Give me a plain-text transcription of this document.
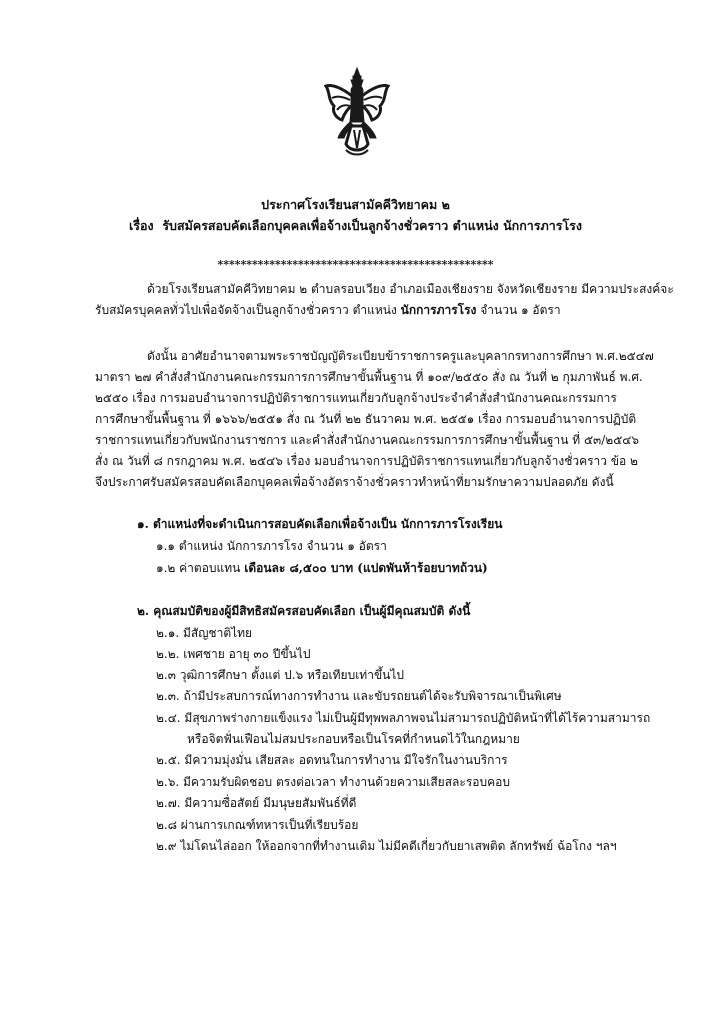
ประกาศโรงเรียนสามัคคีวิทยาคม ๒
เรื่อง รับสมัครสอบคัดเลือกบุคคลเพื่อจ้างเป็นลูกจ้างชั่วคราว ตำแหน่ง นักการภารโรง
************************************************
ด้วยโรงเรียนสามัคคีวิทยาคม ๒ ตำบลรอบเวียง อำเภอเมืองเชียงราย จังหวัดเชียงราย มีความประสงค์จะ
รับสมัครบุคคลทั่วไปเพื่อจัดจ้างเป็นลูกจ้างชั่วคราว ตำแหน่ง นักการภารโรง จำนวน ๑ อัตรา
ดังนั้น อาศัยอำนาจตามพระราชบัญญัติระเบียบข้าราชการครูและบุคลากรทางการศึกษา พ.ศ.๒๕๔๗
มาตรา ๒๗ คำสั่งสำนักงานคณะกรรมการการศึกษาขั้นพื้นฐาน ที่ ๑๐๙/๒๕๕๐ สั่ง ณ วันที่ ๒ กุมภาพันธ์ พ.ศ.
๒๕๕๐ เรื่อง การมอบอำนาจการปฏิบัติราชการแทนเกี่ยวกับลูกจ้างประจำคำสั่งสำนักงานคณะกรรมการ
การศึกษาขั้นพื้นฐาน ที่ ๑๖๖๖/๒๕๕๑ สั่ง ณ วันที่ ๒๒ ธันวาคม พ.ศ. ๒๕๕๑ เรื่อง การมอบอำนาจการปฏิบัติ
ราชการแทนเกี่ยวกับพนักงานราชการ และคำสั่งสำนักงานคณะกรรมการการศึกษาขั้นพื้นฐาน ที่ ๕๓/๒๕๔๖
สั่ง ณ วันที่ ๘ กรกฎาคม พ.ศ. ๒๕๔๖ เรื่อง มอบอำนาจการปฏิบัติราชการแทนเกี่ยวกับลูกจ้างชั่วคราว ข้อ ๒
จึงประกาศรับสมัครสอบคัดเลือกบุคคลเพื่อจ้างอัตราจ้างชั่วคราวทำหน้าที่ยามรักษาความปลอดภัย ดังนี้
๑. ตำแหน่งที่จะดำเนินการสอบคัดเลือกเพื่อจ้างเป็น นักการภารโรงเรียน
๑.๑ ตำแหน่ง นักการภารโรง จำนวน ๑ อัตรา
๑.๒ ค่าตอบแทน เดือนละ ๘,๕๐๐ บาท (แปดพันห้าร้อยบาทถ้วน)
๒. คุณสมบัติของผู้มีสิทธิสมัครสอบคัดเลือก เป็นผู้มีคุณสมบัติ ดังนี้
๒.๑. มีสัญชาติไทย
๒.๒. เพศชาย อายุ ๓๐ ปีขึ้นไป
๒.๓ วุฒิการศึกษา ตั้งแต่ ป.๖ หรือเทียบเท่าขึ้นไป
๒.๓. ถ้ามีประสบการณ์ทางการทำงาน และขับรถยนต์ได้จะรับพิจารณาเป็นพิเศษ
๒.๔. มีสุขภาพร่างกายแข็งแรง ไม่เป็นผู้มีทุพพลภาพจนไม่สามารถปฏิบัติหน้าที่ได้ไร้ความสามารถ
หรือจิตฟั่นเฟือนไม่สมประกอบหรือเป็นโรคที่กำหนดไว้ในกฎหมาย
๒.๕. มีความมุ่งมั่น เสียสละ อดทนในการทำงาน มีใจรักในงานบริการ
๒.๖. มีความรับผิดชอบ ตรงต่อเวลา ทำงานด้วยความเสียสละรอบคอบ
๒.๗. มีความซื่อสัตย์ มีมนุษยสัมพันธ์ที่ดี
๒.๘ ผ่านการเกณฑ์ทหารเป็นที่เรียบร้อย
๒.๙ ไม่โดนไล่ออก ให้ออกจากที่ทำงานเดิม ไม่มีคดีเกี่ยวกับยาเสพติด ลักทรัพย์ ฉ้อโกง ฯลฯ
